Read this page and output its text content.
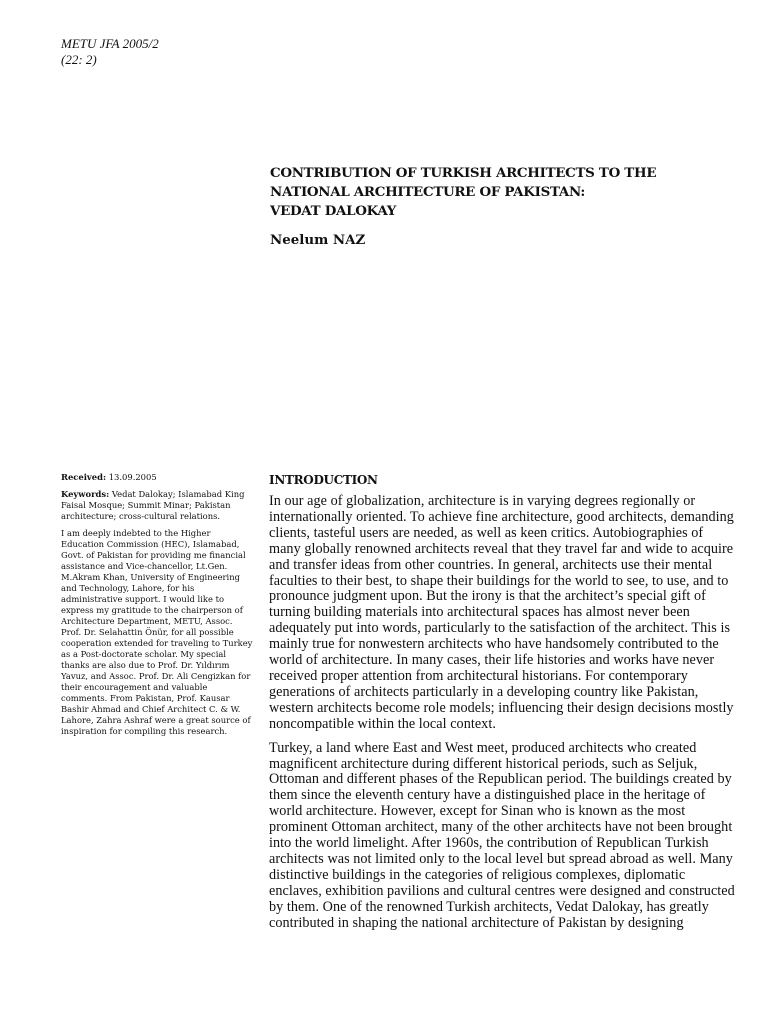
METU JFA 2005/2
(22: 2)
CONTRIBUTION OF TURKISH ARCHITECTS TO THE
NATIONAL ARCHITECTURE OF PAKISTAN:
VEDAT DALOKAY
Neelum NAZ

Received: 13.09.2005

Keywords: Vedat Dalokay; Islamabad King Faisal Mosque; Summit Minar; Pakistan architecture; cross-cultural relations.

I am deeply indebted to the Higher Education Commission (HEC), Islamabad, Govt. of Pakistan for providing me financial assistance and Vice-chancellor, Lt.Gen. M.Akram Khan, University of Engineering and Technology, Lahore, for his administrative support. I would like to express my gratitude to the chairperson of Architecture Department, METU, Assoc. Prof. Dr. Selahattin Önür, for all possible cooperation extended for traveling to Turkey as a Post-doctorate scholar. My special thanks are also due to Prof. Dr. Yıldırım Yavuz, and Assoc. Prof. Dr. Ali Cengizkan for their encouragement and valuable comments. From Pakistan, Prof. Kausar Bashir Ahmad and Chief Architect C. & W. Lahore, Zahra Ashraf were a great source of inspiration for compiling this research.

INTRODUCTION

In our age of globalization, architecture is in varying degrees regionally or internationally oriented. To achieve fine architecture, good architects, demanding clients, tasteful users are needed, as well as keen critics. Autobiographies of many globally renowned architects reveal that they travel far and wide to acquire and transfer ideas from other countries. In general, architects use their mental faculties to their best, to shape their buildings for the world to see, to use, and to pronounce judgment upon. But the irony is that the architect’s special gift of turning building materials into architectural spaces has almost never been adequately put into words, particularly to the satisfaction of the architect. This is mainly true for nonwestern architects who have handsomely contributed to the world of architecture. In many cases, their life histories and works have never received proper attention from architectural historians. For contemporary generations of architects particularly in a developing country like Pakistan, western architects become role models; influencing their design decisions mostly noncompatible within the local context.

Turkey, a land where East and West meet, produced architects who created magnificent architecture during different historical periods, such as Seljuk, Ottoman and different phases of the Republican period. The buildings created by them since the eleventh century have a distinguished place in the heritage of world architecture. However, except for Sinan who is known as the most prominent Ottoman architect, many of the other architects have not been brought into the world limelight. After 1960s, the contribution of Republican Turkish architects was not limited only to the local level but spread abroad as well. Many distinctive buildings in the categories of religious complexes, diplomatic enclaves, exhibition pavilions and cultural centres were designed and constructed by them. One of the renowned Turkish architects, Vedat Dalokay, has greatly contributed in shaping the national architecture of Pakistan by designing
